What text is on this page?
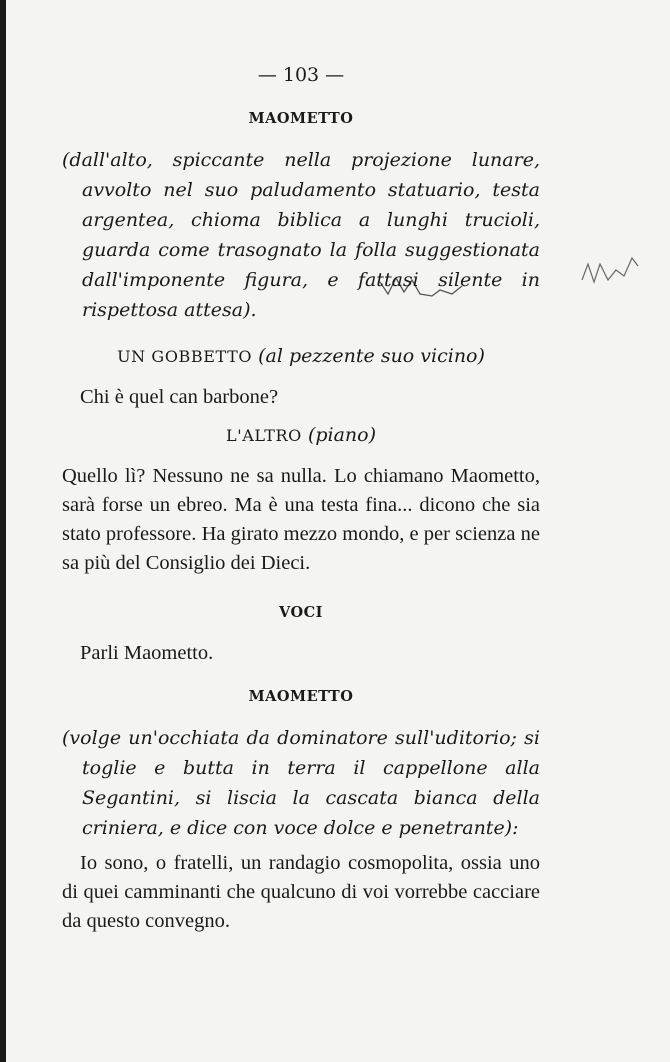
— 103 —
MAOMETTO
(dall'alto, spiccante nella projezione lunare, avvolto nel suo paludamento statuario, testa argentea, chioma biblica a lunghi trucioli, guarda come trasognato la folla suggestionata dall'imponente figura, e fattasi silente in rispettosa attesa).
UN GOBBETTO (al pezzente suo vicino)
Chi è quel can barbone?
L'ALTRO (piano)
Quello lì? Nessuno ne sa nulla. Lo chiamano Maometto, sarà forse un ebreo. Ma è una testa fina... dicono che sia stato professore. Ha girato mezzo mondo, e per scienza ne sa più del Consiglio dei Dieci.
VOCI
Parli Maometto.
MAOMETTO
(volge un'occhiata da dominatore sull'uditorio; si toglie e butta in terra il cappellone alla Segantini, si liscia la cascata bianca della criniera, e dice con voce dolce e penetrante):
Io sono, o fratelli, un randagio cosmopolita, ossia uno di quei camminanti che qualcuno di voi vorrebbe cacciare da questo convegno.
